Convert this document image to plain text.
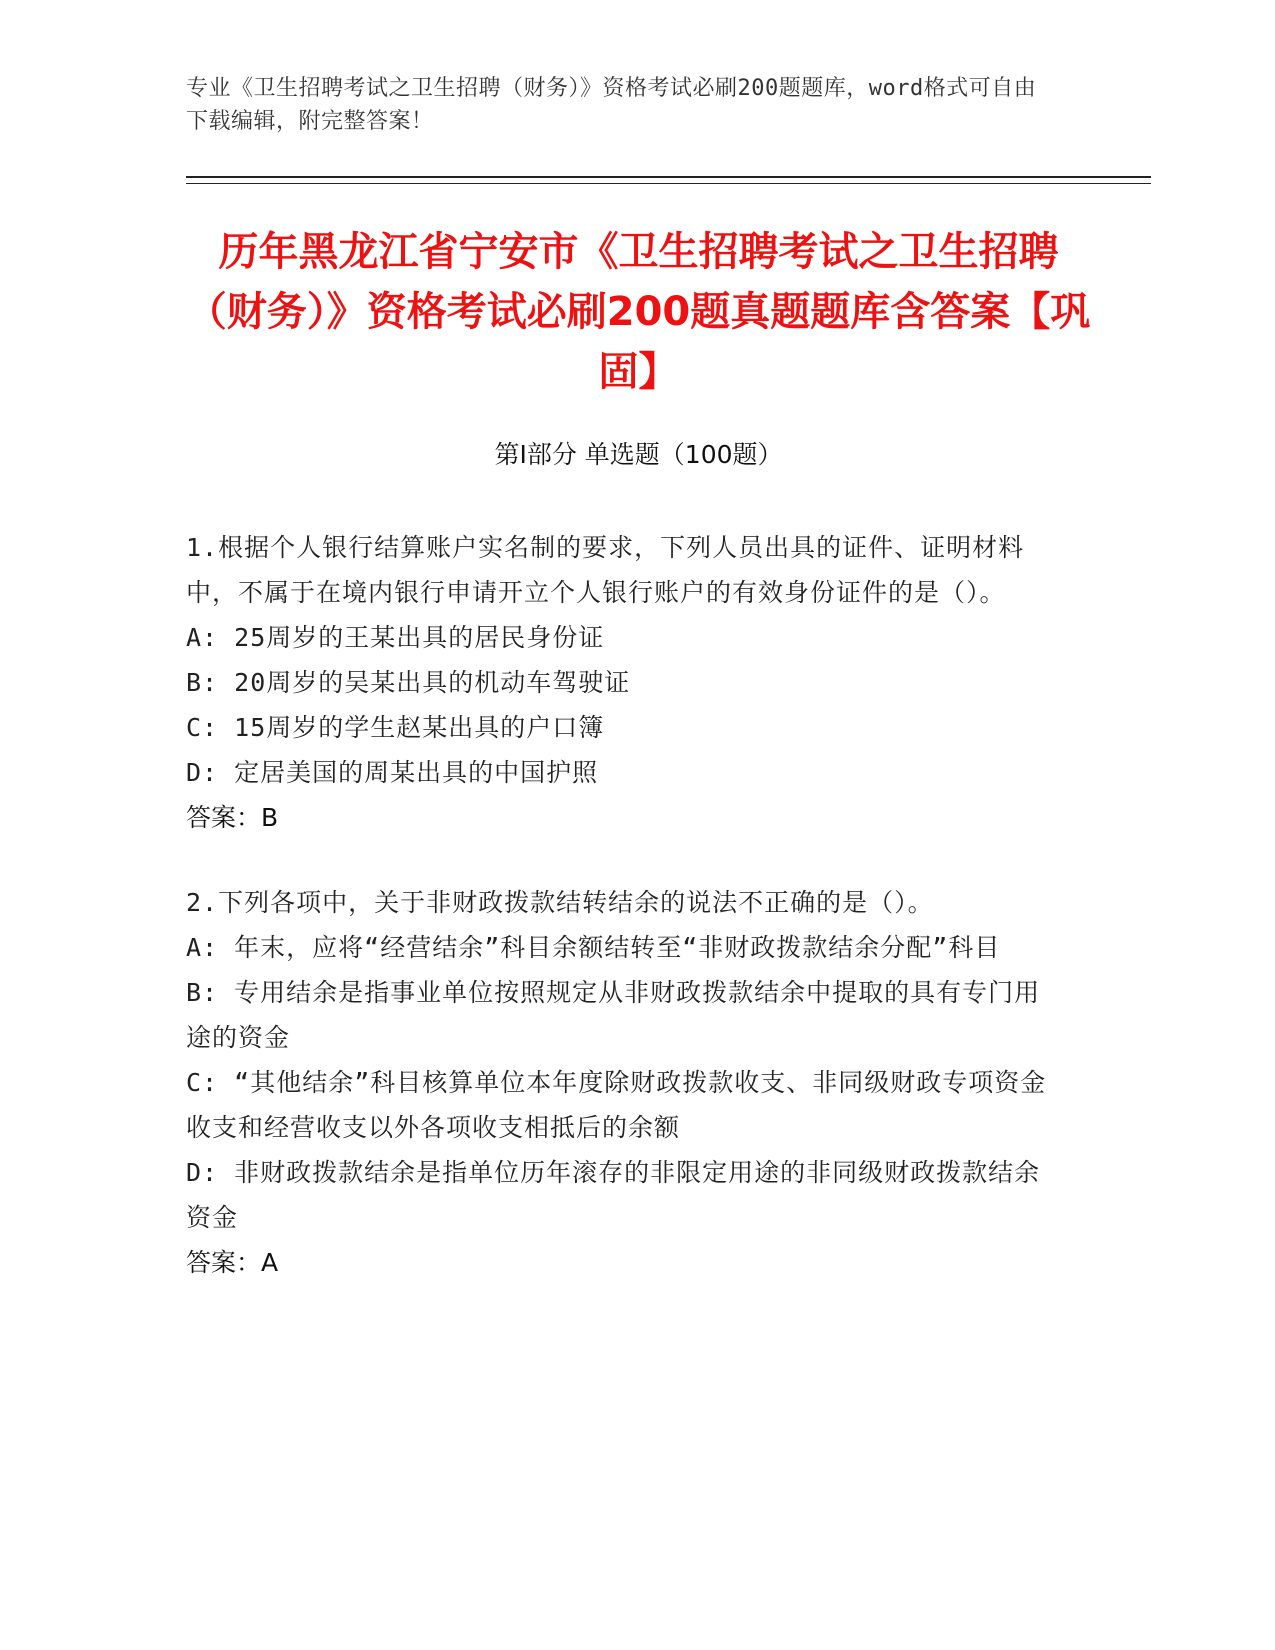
专业《卫生招聘考试之卫生招聘（财务）》资格考试必刷200题题库，word格式可自由下载编辑，附完整答案！
历年黑龙江省宁安市《卫生招聘考试之卫生招聘（财务）》资格考试必刷200题真题题库含答案【巩固】
第Ⅰ部分 单选题（100题）

1.根据个人银行结算账户实名制的要求，下列人员出具的证件、证明材料中，不属于在境内银行申请开立个人银行账户的有效身份证件的是（）。

A: 25周岁的王某出具的居民身份证

B: 20周岁的吴某出具的机动车驾驶证

C: 15周岁的学生赵某出具的户口簿

D: 定居美国的周某出具的中国护照

答案：B

2.下列各项中，关于非财政拨款结转结余的说法不正确的是（）。

A: 年末，应将“经营结余”科目余额结转至“非财政拨款结余分配”科目

B: 专用结余是指事业单位按照规定从非财政拨款结余中提取的具有专门用途的资金

C: “其他结余”科目核算单位本年度除财政拨款收支、非同级财政专项资金收支和经营收支以外各项收支相抵后的余额

D: 非财政拨款结余是指单位历年滚存的非限定用途的非同级财政拨款结余资金

答案：A
